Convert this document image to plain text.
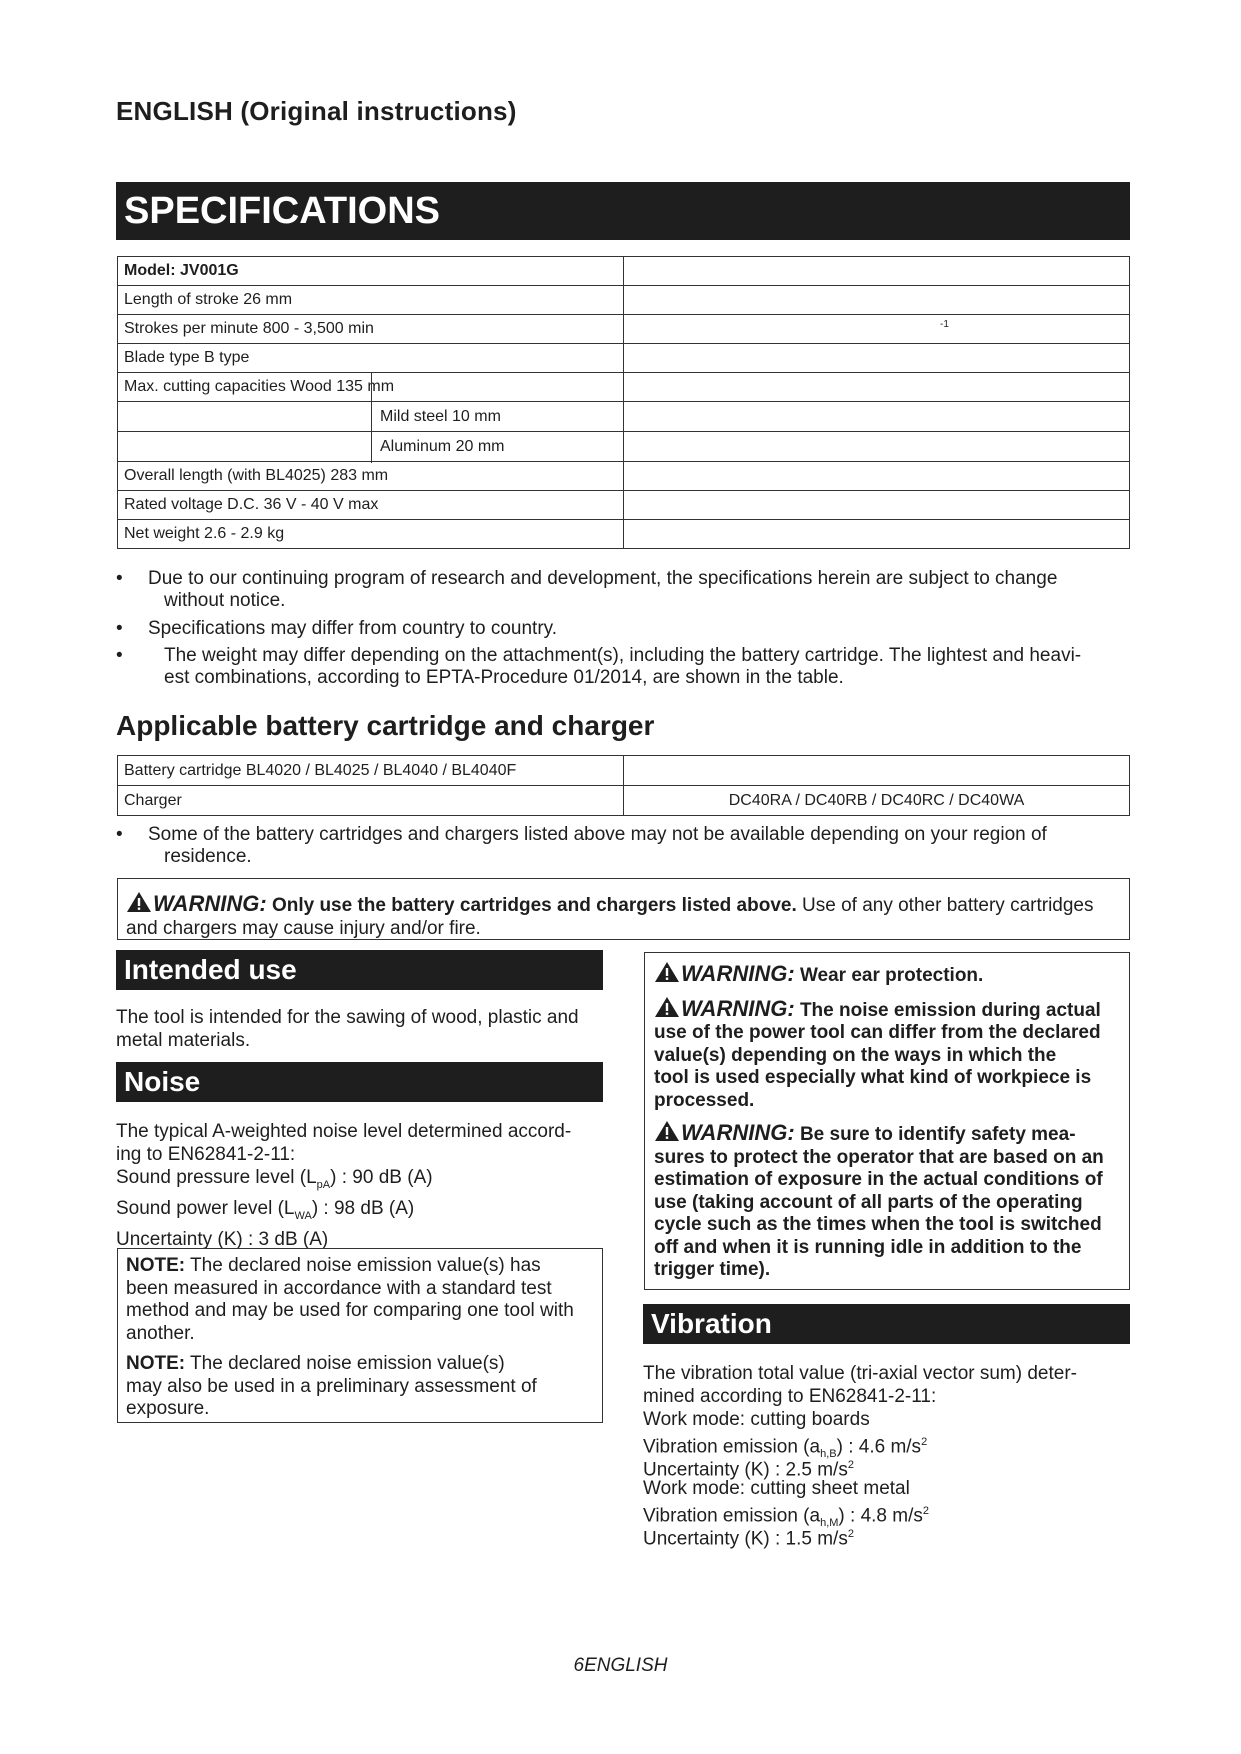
ENGLISH (Original instructions)
SPECIFICATIONS
Model: JV001G	
Length of stroke 26 mm	
Strokes per minute 800 - 3,500 min	-1

Blade type B type	
Max. cutting capacities Wood 135 mm

Mild steel 10 mm	

Aluminum 20 mm	

Overall length (with BL4025) 283 mm	
Rated voltage D.C. 36 V - 40 V max	
Net weight 2.6 - 2.9 kg	
• Due to our continuing program of research and development, the specifications herein are subject to change
without notice.
• Specifications may differ from country to country.
• The weight may differ depending on the attachment(s), including the battery cartridge. The lightest and heavi-
est combinations, according to EPTA-Procedure 01/2014, are shown in the table.
Applicable battery cartridge and charger
Battery cartridge BL4020 / BL4025 / BL4040 / BL4040F	
Charger	DC40RA / DC40RB / DC40RC / DC40WA
• Some of the battery cartridges and chargers listed above may not be available depending on your region of
residence.
WARNING: Only use the battery cartridges and chargers listed above. Use of any other battery cartridges
and chargers may cause injury and/or fire.
Intended use
The tool is intended for the sawing of wood, plastic and
metal materials.
Noise
The typical A-weighted noise level determined accord-
ing to EN62841-2-11:
Sound pressure level $(L_{pA})$ : 90 dB (A)
Sound power level $(L_{WA})$ : 98 dB (A)
Uncertainty (K) : 3 dB (A)
NOTE: The declared noise emission value(s) has
been measured in accordance with a standard test
method and may be used for comparing one tool with
another.
NOTE: The declared noise emission value(s)
may also be used in a preliminary assessment of
exposure.

WARNING: Wear ear protection.

WARNING: The noise emission during actual
use of the power tool can differ from the declared
value(s) depending on the ways in which the
tool is used especially what kind of workpiece is
processed.

WARNING: Be sure to identify safety mea-
sures to protect the operator that are based on an
estimation of exposure in the actual conditions of
use (taking account of all parts of the operating
cycle such as the times when the tool is switched
off and when it is running idle in addition to the
trigger time).

Vibration
The vibration total value (tri-axial vector sum) deter-
mined according to EN62841-2-11:
Work mode: cutting boards
Vibration emission $(a_{h,B})$ : 4.6 $m/s^2$
Uncertainty (K) : 2.5 $m/s^2$
Work mode: cutting sheet metal
Vibration emission $(a_{h,M})$ : 4.8 $m/s^2$
Uncertainty (K) : 1.5 $m/s^2$
6ENGLISH
